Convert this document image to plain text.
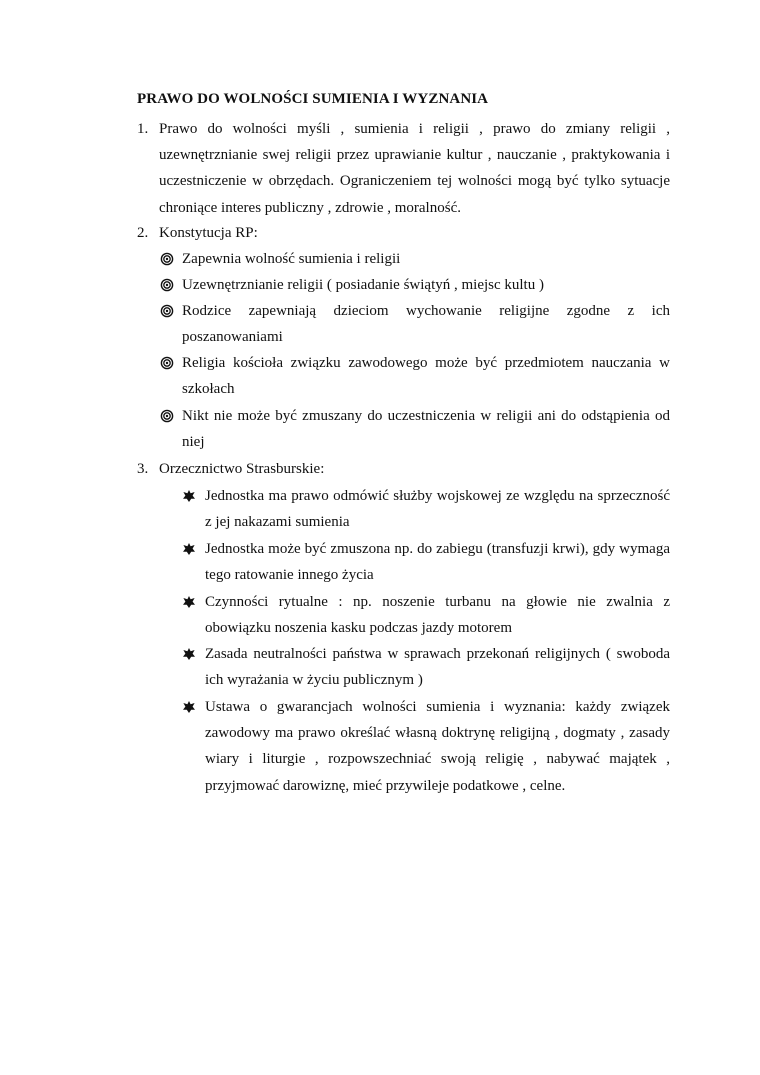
PRAWO DO WOLNOŚCI SUMIENIA I WYZNANIA
1. Prawo do wolności myśli , sumienia i religii , prawo do zmiany religii , uzewnętrznianie swej religii przez uprawianie kultur , nauczanie , praktykowania i uczestniczenie w obrzędach. Ograniczeniem tej wolności mogą być tylko sytuacje chroniące interes publiczny , zdrowie , moralność.
2. Konstytucja RP:
Zapewnia wolność sumienia i religii
Uzewnętrznianie religii ( posiadanie świątyń , miejsc kultu )
Rodzice zapewniają dzieciom wychowanie religijne zgodne z ich poszanowaniami
Religia kościoła związku zawodowego może być przedmiotem nauczania w szkołach
Nikt nie może być zmuszany do uczestniczenia w religii ani do odstąpienia od niej
3. Orzecznictwo Strasburskie:
Jednostka ma prawo odmówić służby wojskowej ze względu na sprzeczność z jej nakazami sumienia
Jednostka może być zmuszona np. do zabiegu (transfuzji krwi), gdy wymaga tego ratowanie innego życia
Czynności rytualne : np. noszenie turbanu na głowie nie zwalnia z obowiązku noszenia kasku podczas jazdy motorem
Zasada neutralności państwa w sprawach przekonań religijnych ( swoboda ich wyrażania w życiu publicznym )
Ustawa o gwarancjach wolności sumienia i wyznania: każdy związek zawodowy ma prawo określać własną doktrynę religijną , dogmaty , zasady wiary i liturgie , rozpowszechniać swoją religię , nabywać majątek , przyjmować darowiznę, mieć przywileje podatkowe , celne.
